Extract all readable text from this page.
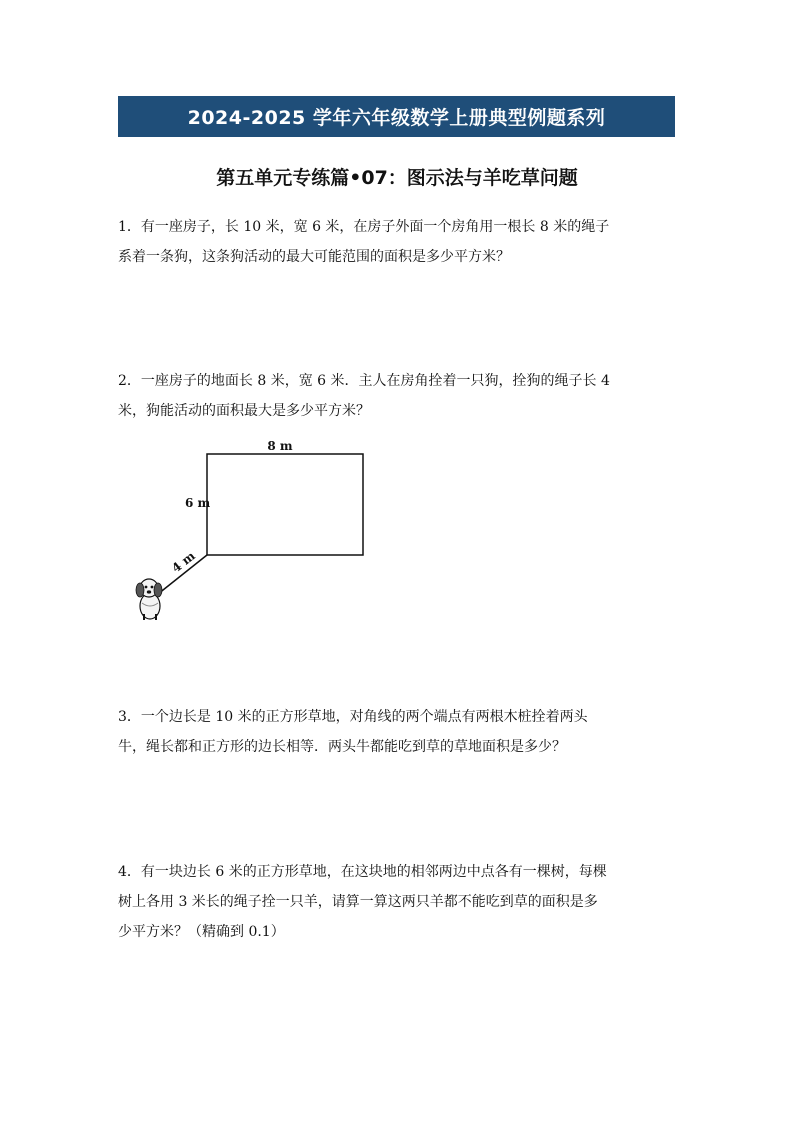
2024-2025 学年六年级数学上册典型例题系列
第五单元专练篇•07：图示法与羊吃草问题
1．有一座房子，长 10 米，宽 6 米，在房子外面一个房角用一根长 8 米的绳子
系着一条狗，这条狗活动的最大可能范围的面积是多少平方米？
2．一座房子的地面长 8 米，宽 6 米．主人在房角拴着一只狗，拴狗的绳子长 4
米，狗能活动的面积最大是多少平方米？
8 m
6 m
4 m
3．一个边长是 10 米的正方形草地，对角线的两个端点有两根木桩拴着两头
牛，绳长都和正方形的边长相等．两头牛都能吃到草的草地面积是多少？
4．有一块边长 6 米的正方形草地，在这块地的相邻两边中点各有一棵树，每棵
树上各用 3 米长的绳子拴一只羊，请算一算这两只羊都不能吃到草的面积是多
少平方米？（精确到 0.1）
